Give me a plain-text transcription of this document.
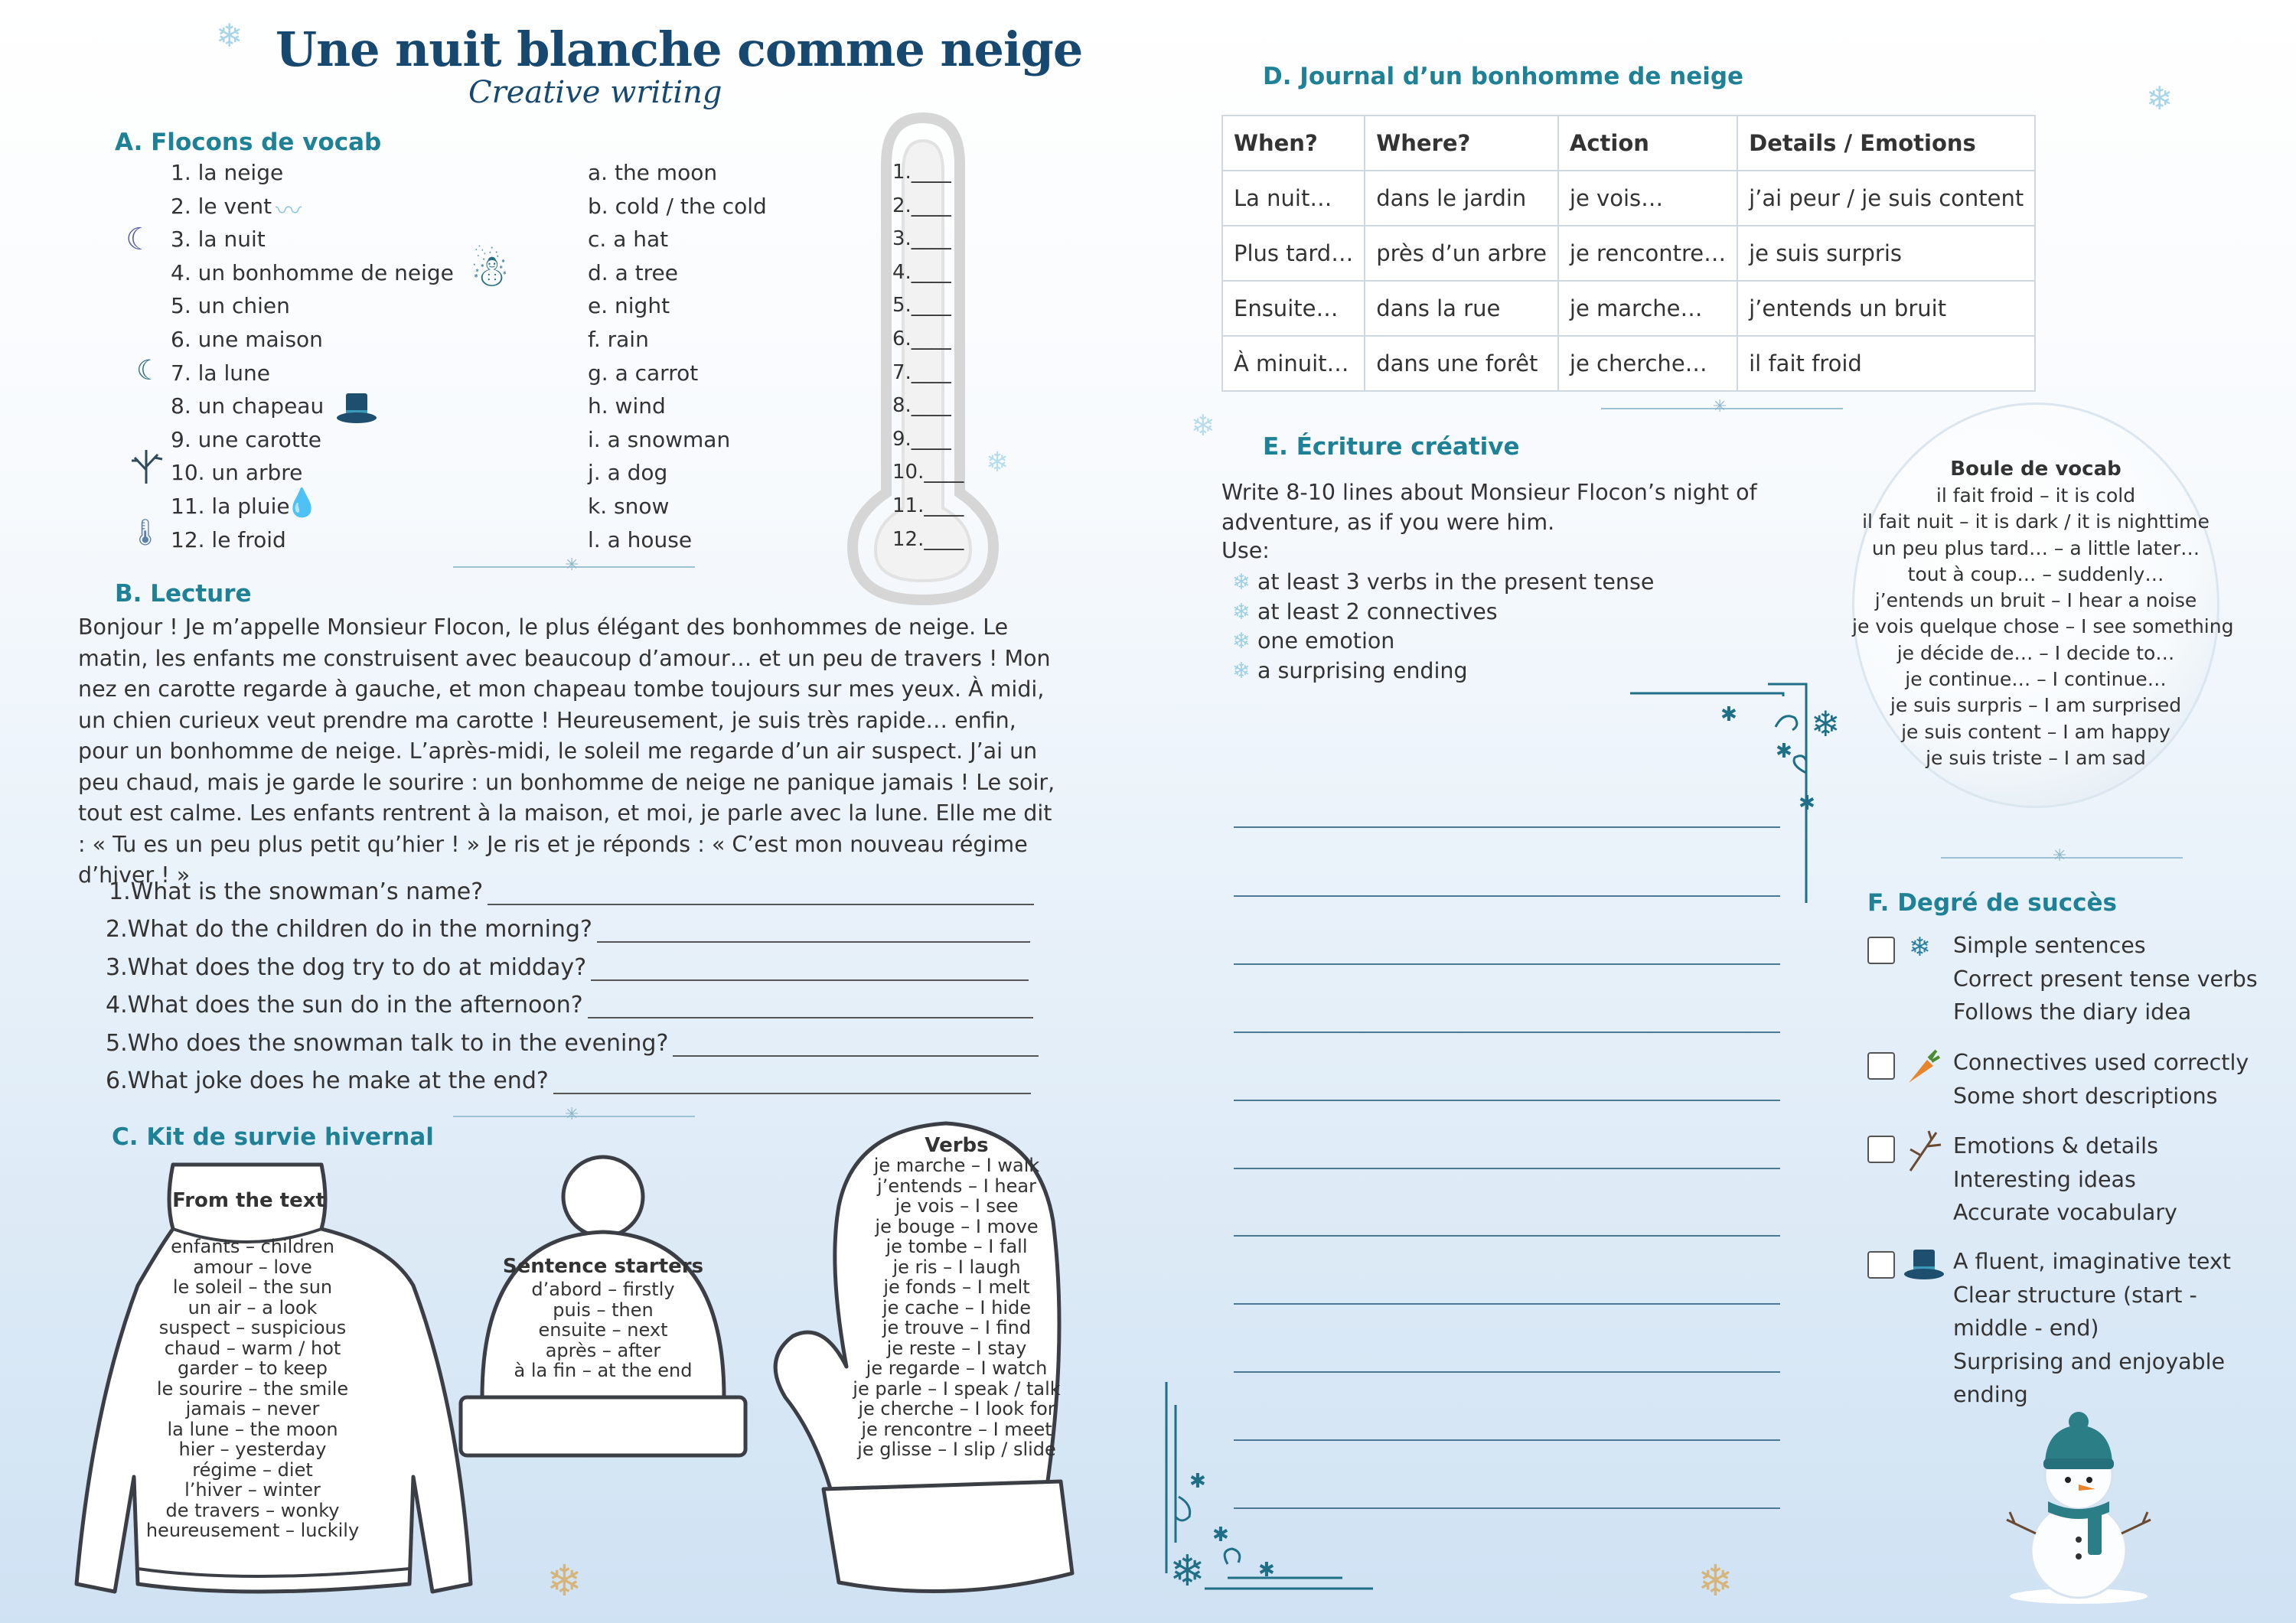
❄
❄
❄
❄
Une nuit blanche comme neige
Creative writing
A. Flocons de vocab
1. la neige
2. le vent
3. la nuit
4. un bonhomme de neige
5. un chien
6. une maison
7. la lune
8. un chapeau
9. une carotte
10. un arbre
11. la pluie
12. le froid
〰
☾
☃
☾
💧
🌡
a. the moon
b. cold / the cold
c. a hat
d. a tree
e. night
f. rain
g. a carrot
h. wind
i. a snowman
j. a dog
k. snow
l. a house
1.____
2.____
3.____
4.____
5.____
6.____
7.____
8.____
9.____
10.____
11.____
12.____
✳
B. Lecture
Bonjour ! Je m’appelle Monsieur Flocon, le plus élégant des bonhommes de neige. Le matin, les enfants me construisent avec beaucoup d’amour… et un peu de travers ! Mon nez en carotte regarde à gauche, et mon chapeau tombe toujours sur mes yeux. À midi, un chien curieux veut prendre ma carotte ! Heureusement, je suis très rapide… enfin, pour un bonhomme de neige. L’après-midi, le soleil me regarde d’un air suspect. J’ai un peu chaud, mais je garde le sourire : un bonhomme de neige ne panique jamais ! Le soir, tout est calme. Les enfants rentrent à la maison, et moi, je parle avec la lune. Elle me dit : « Tu es un peu plus petit qu’hier ! » Je ris et je réponds : « C’est mon nouveau régime d’hiver ! »
1.What is the snowman’s name?
2.What do the children do in the morning?
3.What does the dog try to do at midday?
4.What does the sun do in the afternoon?
5.Who does the snowman talk to in the evening?
6.What joke does he make at the end?
✳
C. Kit de survie hivernal
From the text
enfants – children
amour – love
le soleil – the sun
un air – a look
suspect – suspicious
chaud – warm / hot
garder – to keep
le sourire – the smile
jamais – never
la lune – the moon
hier – yesterday
régime – diet
l’hiver – winter
de travers – wonky
heureusement – luckily
Sentence starters
d’abord – firstly
puis – then
ensuite – next
après – after
à la fin – at the end
Verbs
je marche – I walk
j’entends – I hear
je vois – I see
je bouge – I move
je tombe – I fall
je ris – I laugh
je fonds – I melt
je cache – I hide
je trouve – I find
je reste – I stay
je regarde – I watch
je parle – I speak / talk
je cherche – I look for
je rencontre – I meet
je glisse – I slip / slide
❄	❄
D. Journal d’un bonhomme de neige
When?	Where?	Action	Details / Emotions
La nuit…	dans le jardin	je vois…	j’ai peur / je suis content
Plus tard…	près d’un arbre	je rencontre…	je suis surpris
Ensuite…	dans la rue	je marche…	j’entends un bruit
À minuit…	dans une forêt	je cherche…	il fait froid
✳
E. Écriture créative
Write 8-10 lines about Monsieur Flocon’s night of adventure, as if you were him.
Use:
❄ at least 3 verbs in the present tense
❄ at least 2 connectives
❄ one emotion
❄ a surprising ending
❄
✱
✱
✱
❄
✱
✱
✱
Boule de vocab
il fait froid – it is cold
il fait nuit – it is dark / it is nighttime
un peu plus tard… – a little later…
tout à coup… – suddenly…
j’entends un bruit – I hear a noise
je vois quelque chose – I see something
je décide de… – I decide to…
je continue… – I continue…
je suis surpris – I am surprised
je suis content – I am happy
je suis triste – I am sad
✳
F. Degré de succès
❄ Simple sentences
Correct present tense verbs
Follows the diary idea
Connectives used correctly
Some short descriptions
Emotions & details
Interesting ideas
Accurate vocabulary
A fluent, imaginative text
Clear structure (start -
middle - end)
Surprising and enjoyable
ending
